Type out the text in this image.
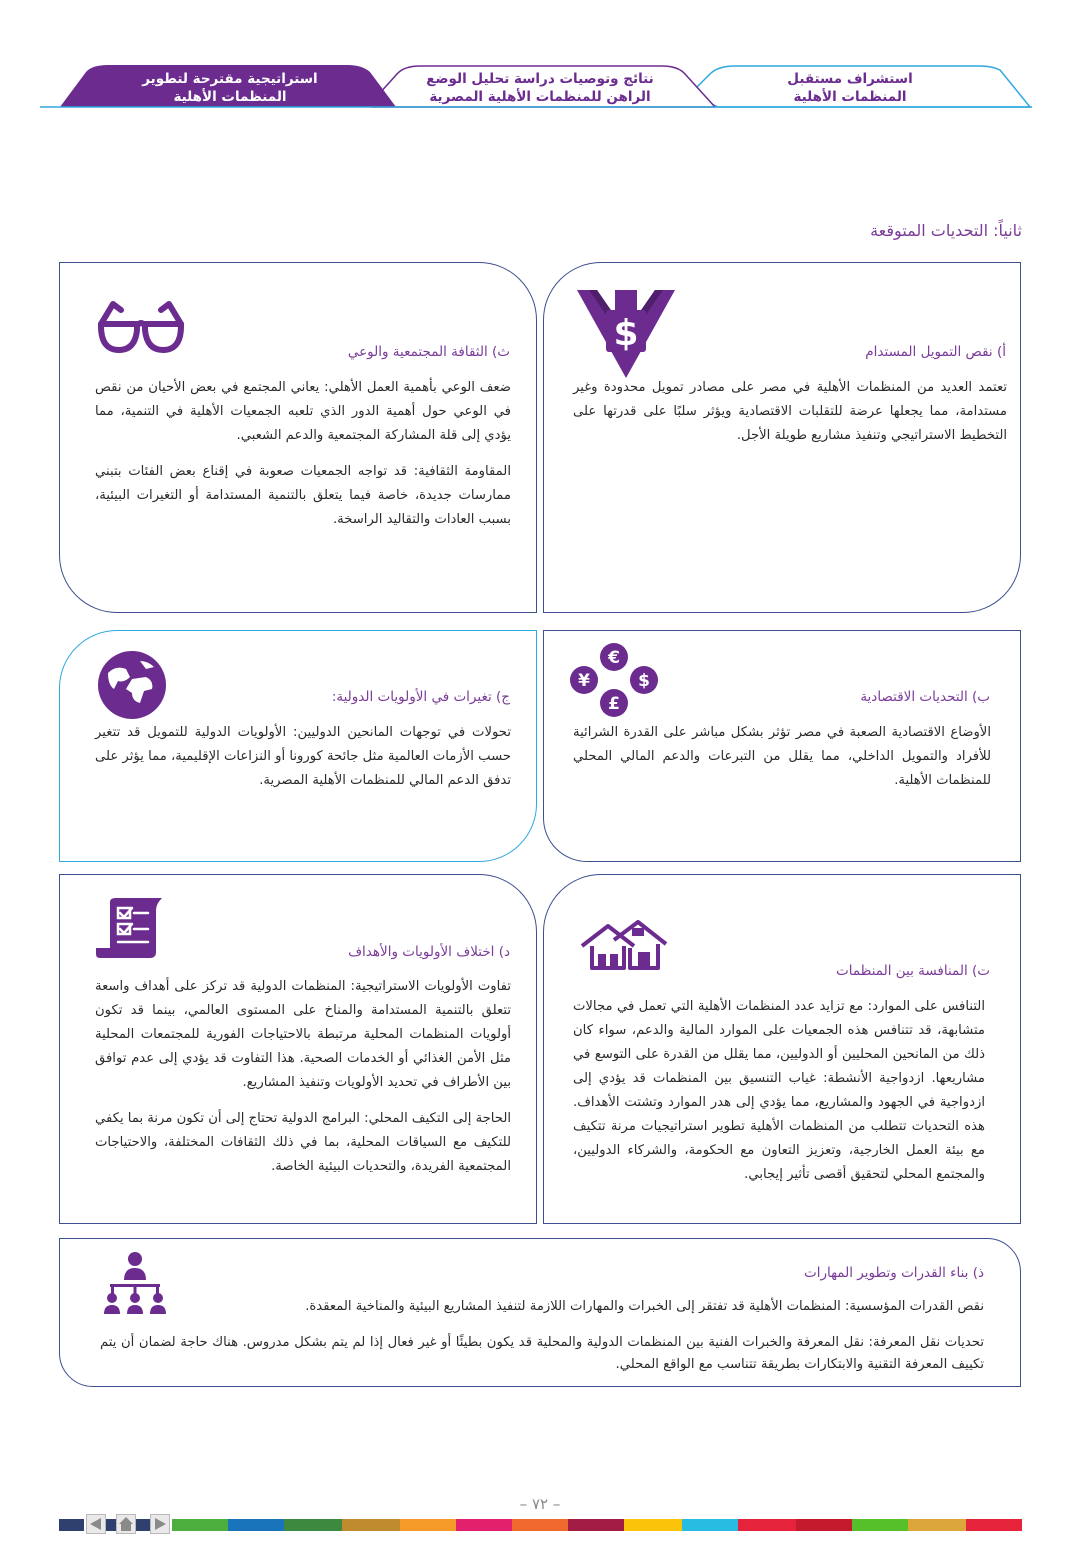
استراتيجية مقترحة لتطوير
المنظمات الأهلية
نتائج وتوصيات دراسة تحليل الوضع
الراهن للمنظمات الأهلية المصرية
استشراف مستقبل
المنظمات الأهلية
ثانياً: التحديات المتوقعة
$	أ) نقص التمويل المستدام

تعتمد العديد من المنظمات الأهلية في مصر على مصادر تمويل محدودة وغير مستدامة، مما يجعلها عرضة للتقلبات الاقتصادية ويؤثر سلبًا على قدرتها على التخطيط الاستراتيجي وتنفيذ مشاريع طويلة الأجل.

ث) الثقافة المجتمعية والوعي

ضعف الوعي بأهمية العمل الأهلي: يعاني المجتمع في بعض الأحيان من نقص في الوعي حول أهمية الدور الذي تلعبه الجمعيات الأهلية في التنمية، مما يؤدي إلى قلة المشاركة المجتمعية والدعم الشعبي.

المقاومة الثقافية: قد تواجه الجمعيات صعوبة في إقناع بعض الفئات بتبني ممارسات جديدة، خاصة فيما يتعلق بالتنمية المستدامة أو التغيرات البيئية، بسبب العادات والتقاليد الراسخة.

€
¥	$
£	ب) التحديات الاقتصادية

الأوضاع الاقتصادية الصعبة في مصر تؤثر بشكل مباشر على القدرة الشرائية للأفراد والتمويل الداخلي، مما يقلل من التبرعات والدعم المالي المحلي للمنظمات الأهلية.

ج) تغيرات في الأولويات الدولية:

تحولات في توجهات المانحين الدوليين: الأولويات الدولية للتمويل قد تتغير حسب الأزمات العالمية مثل جائحة كورونا أو النزاعات الإقليمية، مما يؤثر على تدفق الدعم المالي للمنظمات الأهلية المصرية.

ت) المنافسة بين المنظمات

التنافس على الموارد: مع تزايد عدد المنظمات الأهلية التي تعمل في مجالات متشابهة، قد تتنافس هذه الجمعيات على الموارد المالية والدعم، سواء كان ذلك من المانحين المحليين أو الدوليين، مما يقلل من القدرة على التوسع في مشاريعها. ازدواجية الأنشطة: غياب التنسيق بين المنظمات قد يؤدي إلى ازدواجية في الجهود والمشاريع، مما يؤدي إلى هدر الموارد وتشتت الأهداف. هذه التحديات تتطلب من المنظمات الأهلية تطوير استراتيجيات مرنة تتكيف مع بيئة العمل الخارجية، وتعزيز التعاون مع الحكومة، والشركاء الدوليين، والمجتمع المحلي لتحقيق أقصى تأثير إيجابي.

د) اختلاف الأولويات والأهداف

تفاوت الأولويات الاستراتيجية: المنظمات الدولية قد تركز على أهداف واسعة تتعلق بالتنمية المستدامة والمناخ على المستوى العالمي، بينما قد تكون أولويات المنظمات المحلية مرتبطة بالاحتياجات الفورية للمجتمعات المحلية مثل الأمن الغذائي أو الخدمات الصحية. هذا التفاوت قد يؤدي إلى عدم توافق بين الأطراف في تحديد الأولويات وتنفيذ المشاريع.

الحاجة إلى التكيف المحلي: البرامج الدولية تحتاج إلى أن تكون مرنة بما يكفي للتكيف مع السياقات المحلية، بما في ذلك الثقافات المختلفة، والاحتياجات المجتمعية الفريدة، والتحديات البيئية الخاصة.

ذ) بناء القدرات وتطوير المهارات

نقص القدرات المؤسسية: المنظمات الأهلية قد تفتقر إلى الخبرات والمهارات اللازمة لتنفيذ المشاريع البيئية والمناخية المعقدة.

تحديات نقل المعرفة: نقل المعرفة والخبرات الفنية بين المنظمات الدولية والمحلية قد يكون بطيئًا أو غير فعال إذا لم يتم بشكل مدروس. هناك حاجة لضمان أن يتم تكييف المعرفة التقنية والابتكارات بطريقة تتناسب مع الواقع المحلي.

– ٧٢ –
